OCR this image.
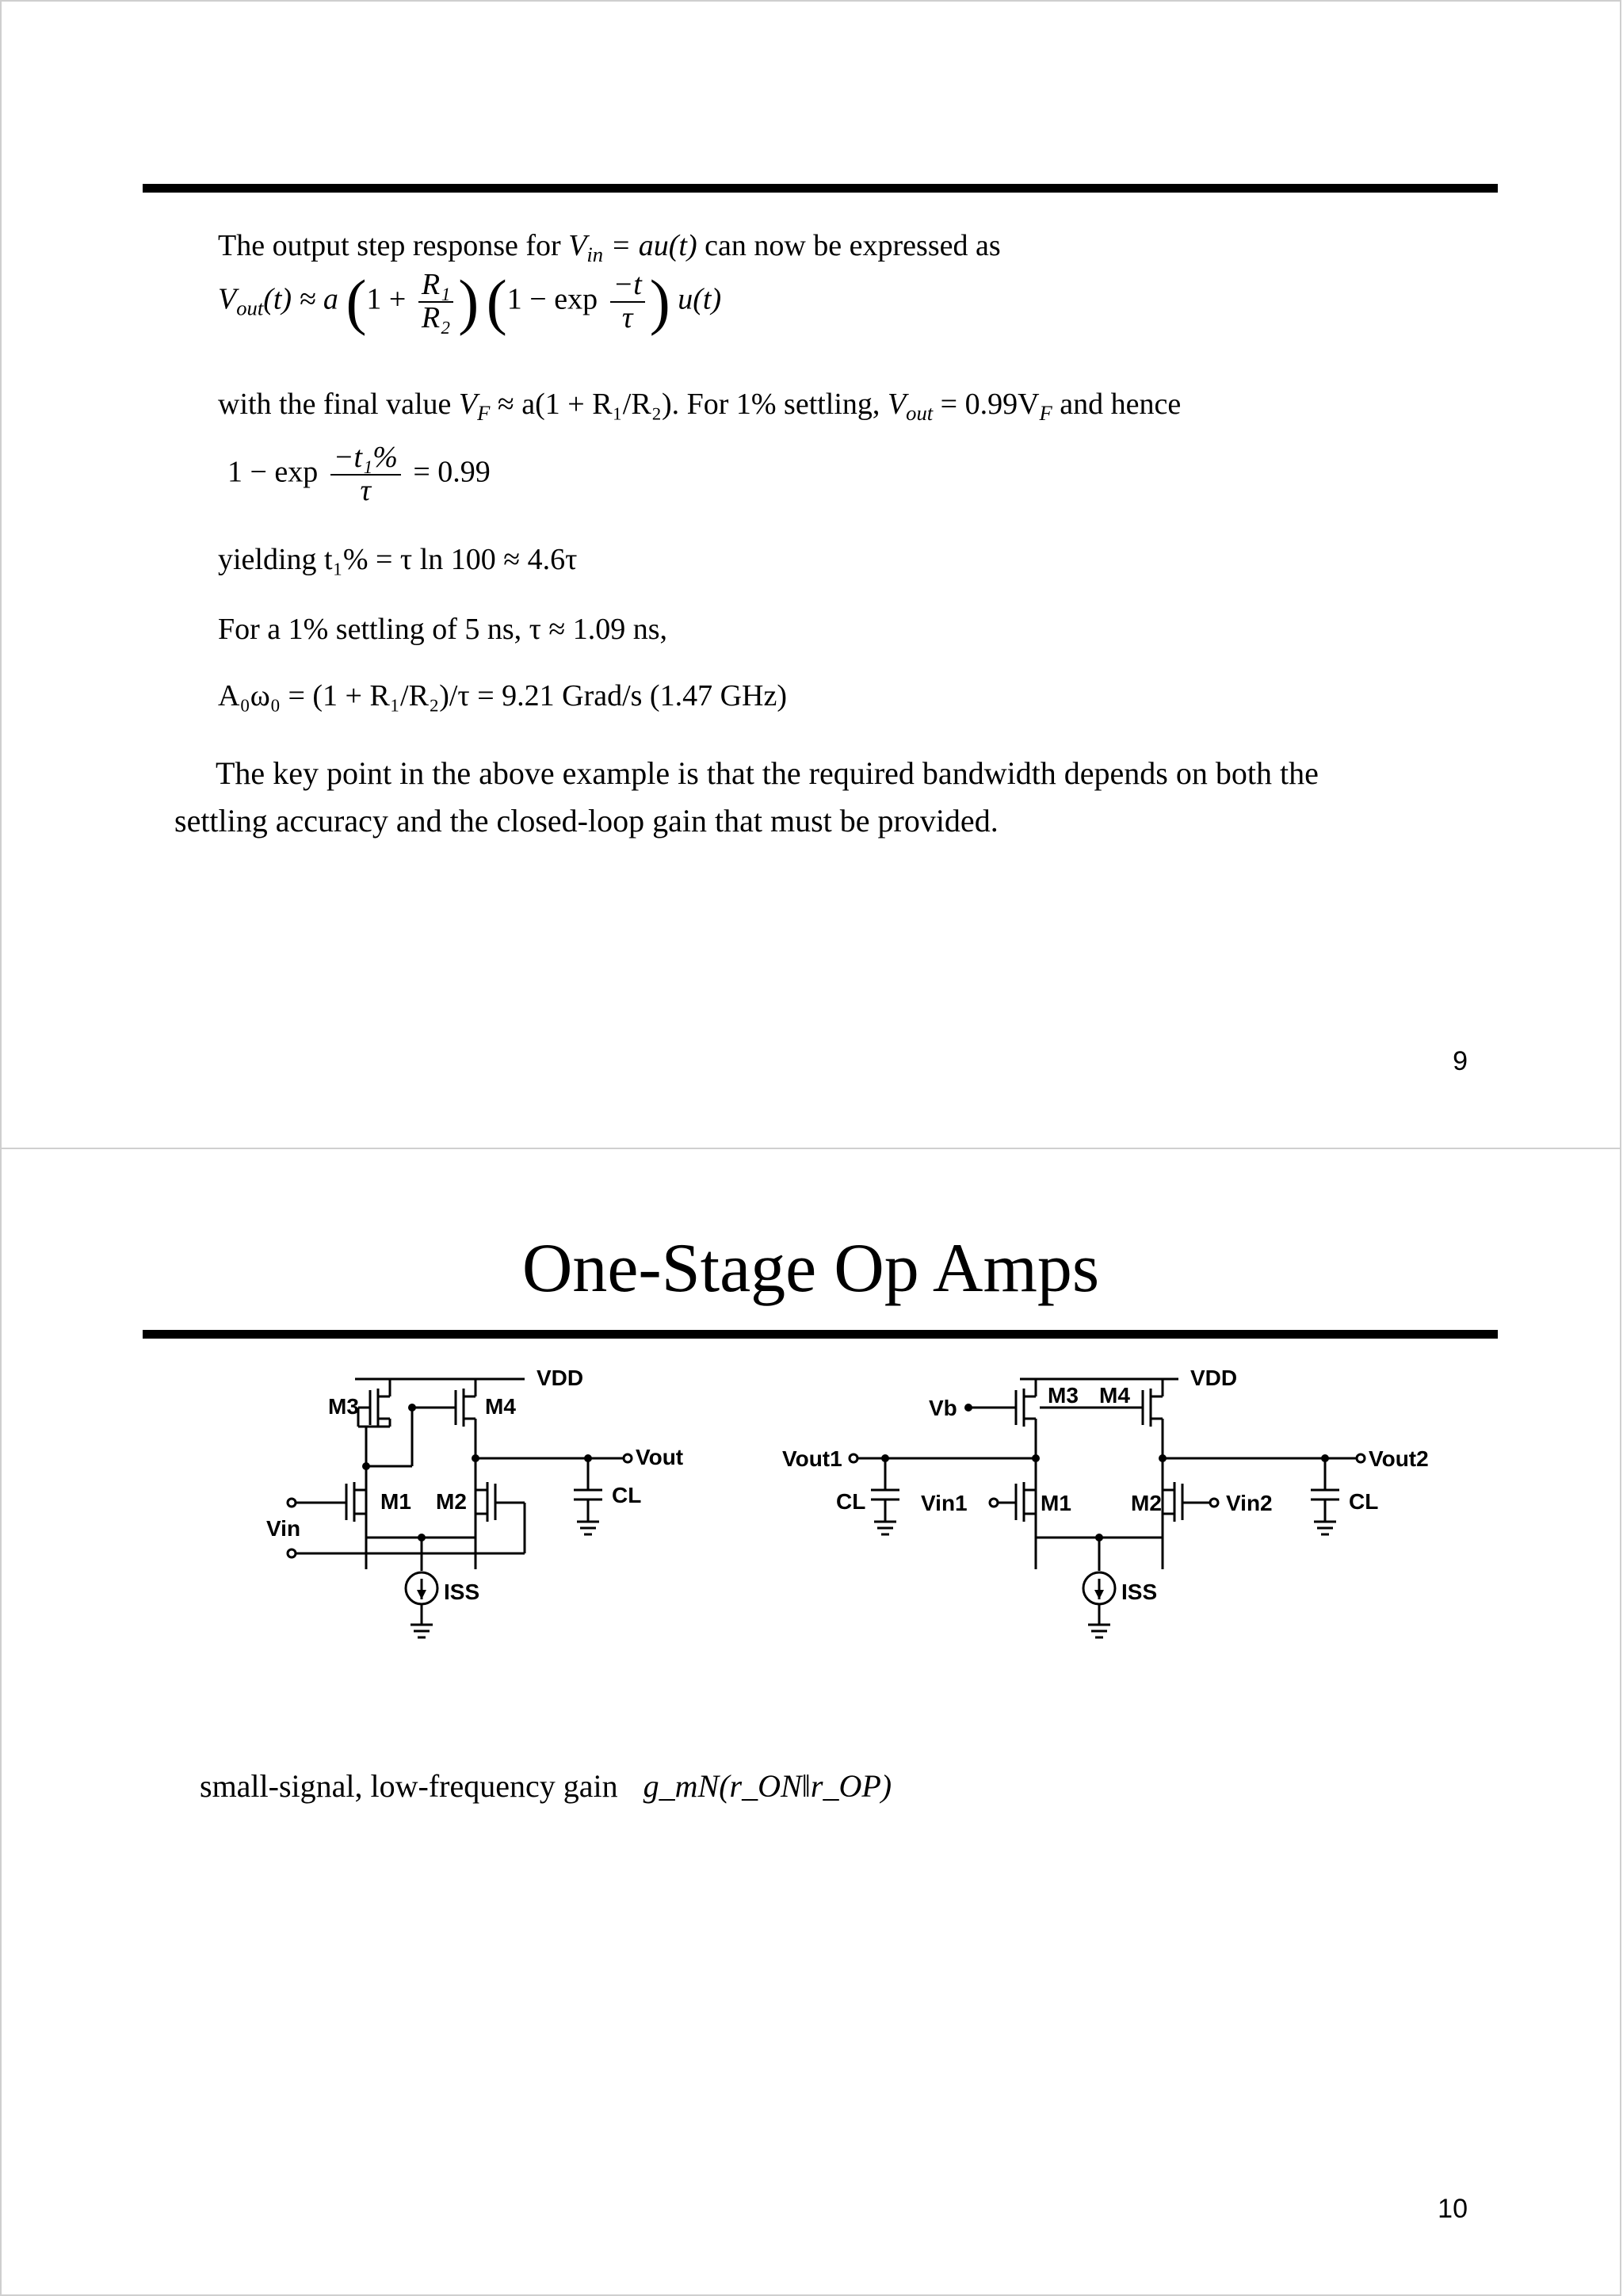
The output step response for $V_{in} = au(t)$ can now be expressed as
$V_{out}(t) \approx a$ ($1 + \frac{\text{R₁}}{\text{R₂}}$ ) ($1 - \exp \frac{-t}{\tau}$ ) u(t)
with the final value $V_F \approx a(1 + R_1/R_2)$. For 1% settling, $V_{out} = 0.99V_F$ and hence
$1 - \exp \frac{\text{−t₁\%}}{\tau} = 0.99$
yielding t₁% = τ ln 100 ≈ 4.6τ
For a 1% settling of 5 ns, τ ≈ 1.09 ns,
A₀ω₀ = (1 + R₁/R₂)/τ = 9.21 Grad/s (1.47 GHz)
The key point in the above example is that the required bandwidth depends on both the
settling accuracy and the closed-loop gain that must be provided.
9
One-Stage Op Amps
VDD
M3	M4
Vout
M1 M2	CL
Vin
ISS
VDD
M3 M4
Vb
Vout1	Vout2
CL Vin1	M1	M2	Vin2	CL
ISS
small-signal, low-frequency gain g_mN(r_ON‖r_OP)
10
